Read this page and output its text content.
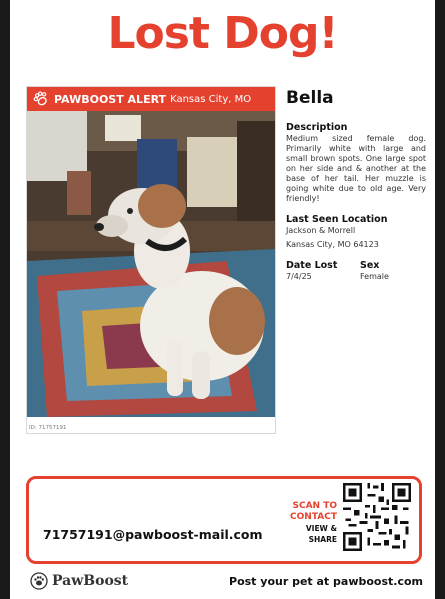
Lost Dog!
PAWBOOST ALERT Kansas City, MO
ID: 71757191
Bella
Description

Medium sized female dog. Primarily white with large and small brown spots. One large spot on her side and & another at the base of her tail. Her muzzle is going white due to old age. Very friendly!

Last Seen Location

Jackson & Morrell

Kansas City, MO 64123

Date Lost

7/4/25

Sex

Female

71757191@pawboost-mail.com
SCAN TO
CONTACT
VIEW & SHARE
PawBoost	Post your pet at pawboost.com
